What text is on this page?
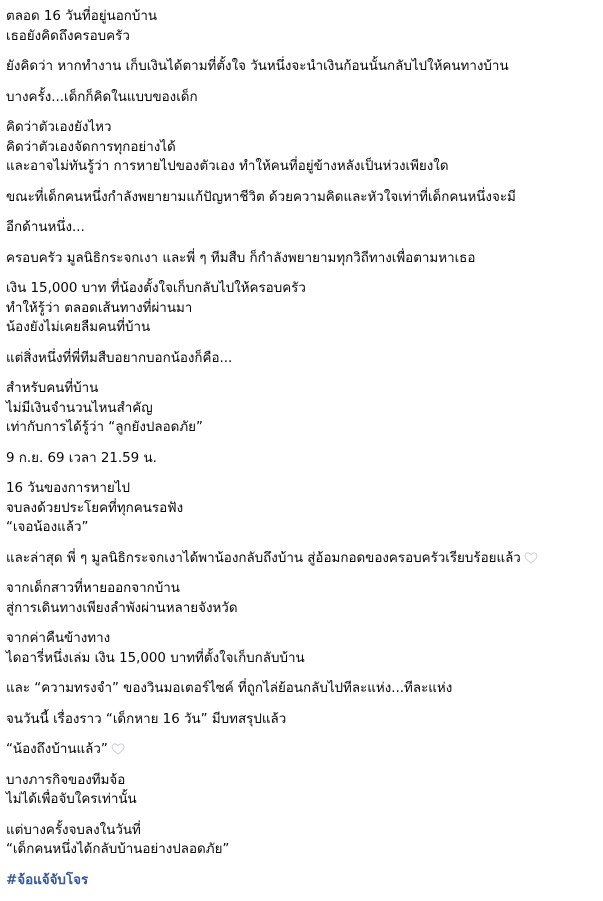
ตลอด 16 วันที่อยู่นอกบ้าน
เธอยังคิดถึงครอบครัว
ยังคิดว่า หากทำงาน เก็บเงินได้ตามที่ตั้งใจ วันหนึ่งจะนำเงินก้อนนั้นกลับไปให้คนทางบ้าน
บางครั้ง...เด็กก็คิดในแบบของเด็ก
คิดว่าตัวเองยังไหว
คิดว่าตัวเองจัดการทุกอย่างได้
และอาจไม่ทันรู้ว่า การหายไปของตัวเอง ทำให้คนที่อยู่ข้างหลังเป็นห่วงเพียงใด
ขณะที่เด็กคนหนึ่งกำลังพยายามแก้ปัญหาชีวิต ด้วยความคิดและหัวใจเท่าที่เด็กคนหนึ่งจะมี
อีกด้านหนึ่ง...
ครอบครัว มูลนิธิกระจกเงา และพี่ ๆ ทีมสืบ ก็กำลังพยายามทุกวิถีทางเพื่อตามหาเธอ
เงิน 15,000 บาท ที่น้องตั้งใจเก็บกลับไปให้ครอบครัว
ทำให้รู้ว่า ตลอดเส้นทางที่ผ่านมา
น้องยังไม่เคยลืมคนที่บ้าน
แต่สิ่งหนึ่งที่พี่ทีมสืบอยากบอกน้องก็คือ...
สำหรับคนที่บ้าน
ไม่มีเงินจำนวนไหนสำคัญ
เท่ากับการได้รู้ว่า “ลูกยังปลอดภัย”
9 ก.ย. 69 เวลา 21.59 น.
16 วันของการหายไป
จบลงด้วยประโยคที่ทุกคนรอฟัง
“เจอน้องแล้ว”
และล่าสุด พี่ ๆ มูลนิธิกระจกเงาได้พาน้องกลับถึงบ้าน สู่อ้อมกอดของครอบครัวเรียบร้อยแล้ว
จากเด็กสาวที่หายออกจากบ้าน
สู่การเดินทางเพียงลำพังผ่านหลายจังหวัด
จากค่าคืนข้างทาง
ไดอารี่หนึ่งเล่ม เงิน 15,000 บาทที่ตั้งใจเก็บกลับบ้าน
และ “ความทรงจำ” ของวินมอเตอร์ไซค์ ที่ถูกไล่ย้อนกลับไปทีละแห่ง...ทีละแห่ง
จนวันนี้ เรื่องราว “เด็กหาย 16 วัน” มีบทสรุปแล้ว
“น้องถึงบ้านแล้ว”
บางภารกิจของทีมจ้อ
ไม่ได้เพื่อจับใครเท่านั้น
แต่บางครั้งจบลงในวันที่
“เด็กคนหนึ่งได้กลับบ้านอย่างปลอดภัย”
#จ้อแจ้จับโจร
